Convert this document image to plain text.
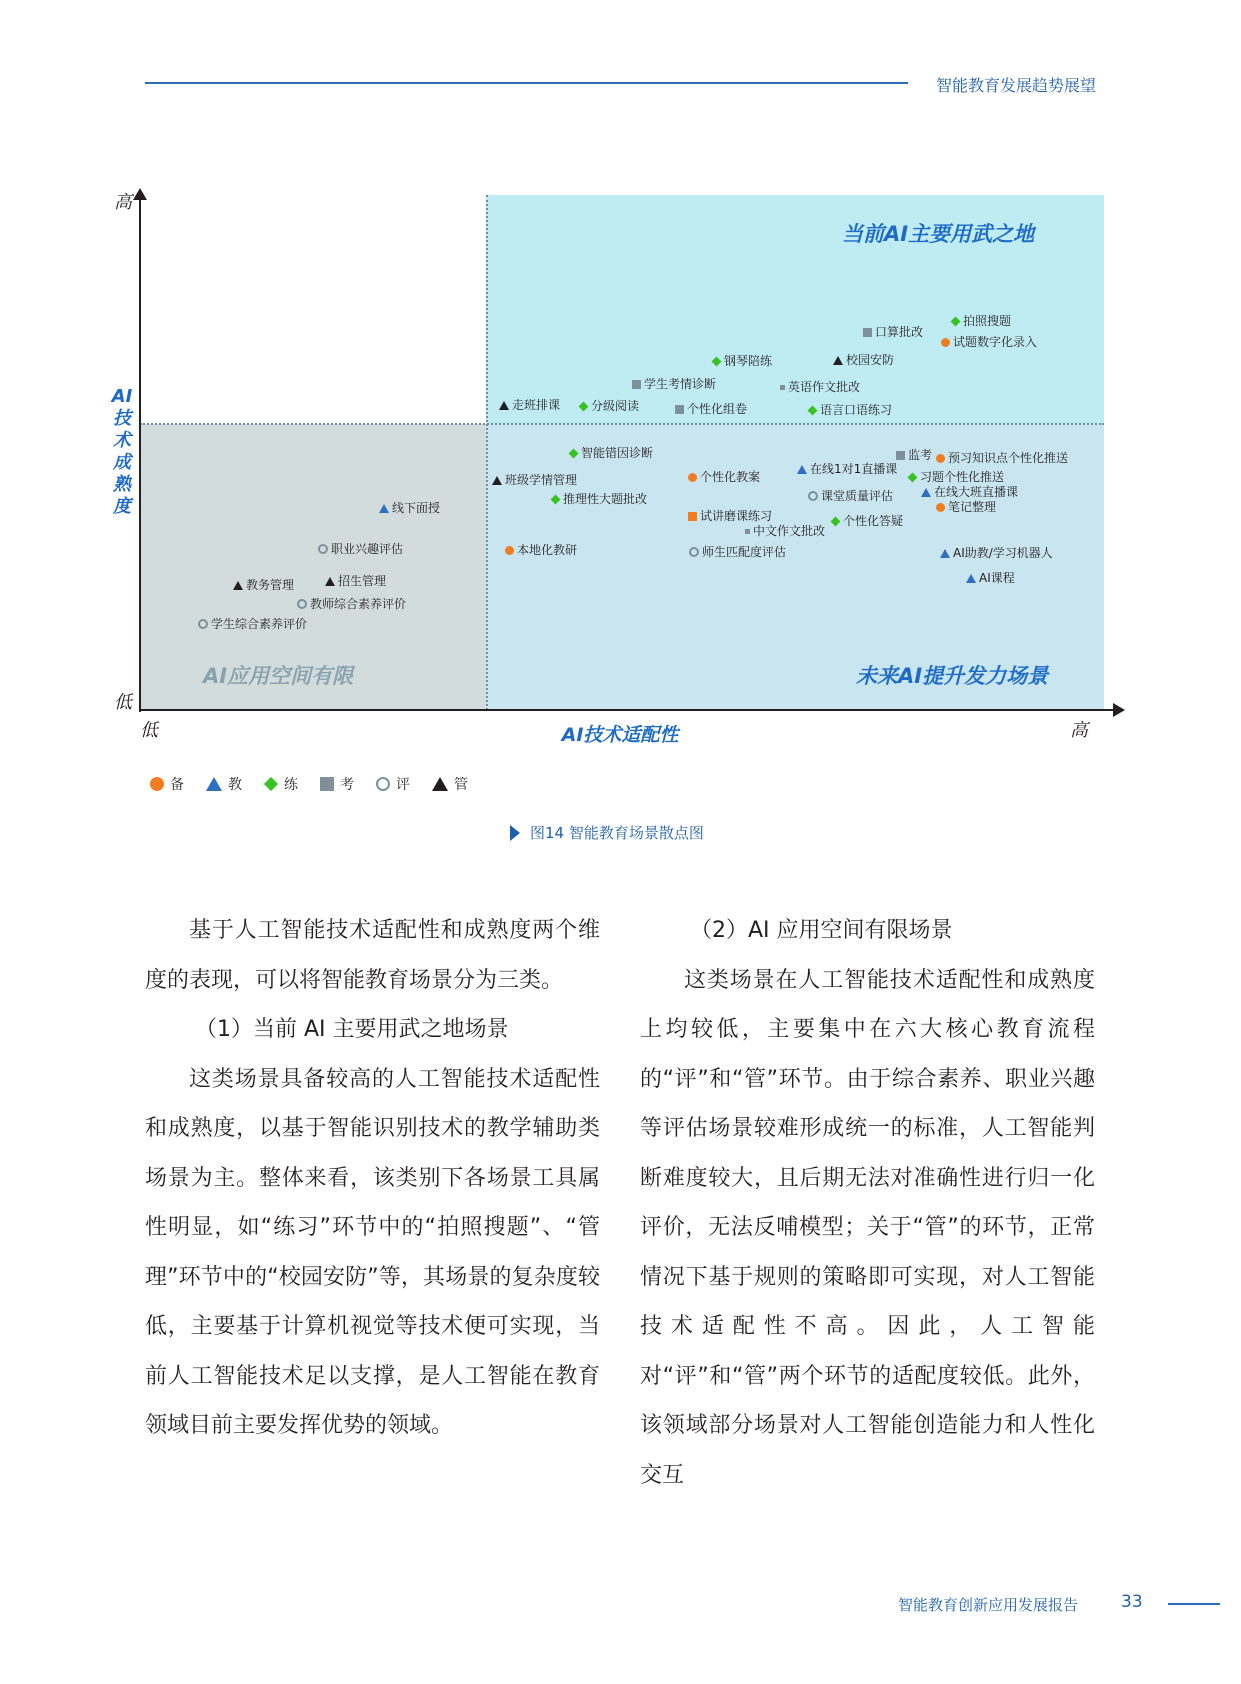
智能教育发展趋势展望
高
低
低	高
AI
技
术
成
熟
度
AI技术适配性
当前AI主要用武之地
AI应用空间有限	未来AI提升发力场景
拍照搜题
口算批改
试题数字化录入
钢琴陪练	校园安防
学生考情诊断	英语作文批改
走班排课	分级阅读	个性化组卷	语言口语练习
智能错因诊断	监考 预习知识点个性化推送
在线1对1直播课
习题个性化推送
班级学情管理	个性化教案
在线大班直播课
推理性大题批改	课堂质量评估
笔记整理
试讲磨课练习	个性化答疑
中文作文批改
本地化教研	师生匹配度评估	AI助教/学习机器人
AI课程
线下面授
职业兴趣评估
教务管理	招生管理
教师综合素养评价
学生综合素养评价
备	教	练	考	评	管
图14 智能教育场景散点图

基于人工智能技术适配性和成熟度两个维度的表现，可以将智能教育场景分为三类。

（1）当前 AI 主要用武之地场景

这类场景具备较高的人工智能技术适配性和成熟度，以基于智能识别技术的教学辅助类场景为主。整体来看，该类别下各场景工具属性明显，如“练习”环节中的“拍照搜题”、“管理”环节中的“校园安防”等，其场景的复杂度较低，主要基于计算机视觉等技术便可实现，当前人工智能技术足以支撑，是人工智能在教育领域目前主要发挥优势的领域。

（2）AI 应用空间有限场景

这类场景在人工智能技术适配性和成熟度上均较低，主要集中在六大核心教育流程的“评”和“管”环节。由于综合素养、职业兴趣等评估场景较难形成统一的标准，人工智能判断难度较大，且后期无法对准确性进行归一化评价，无法反哺模型；关于“管”的环节，正常情况下基于规则的策略即可实现，对人工智能技术适配性不高。因此，人工智能对“评”和“管”两个环节的适配度较低。此外，该领域部分场景对人工智能创造能力和人性化交互

智能教育创新应用发展报告	33
